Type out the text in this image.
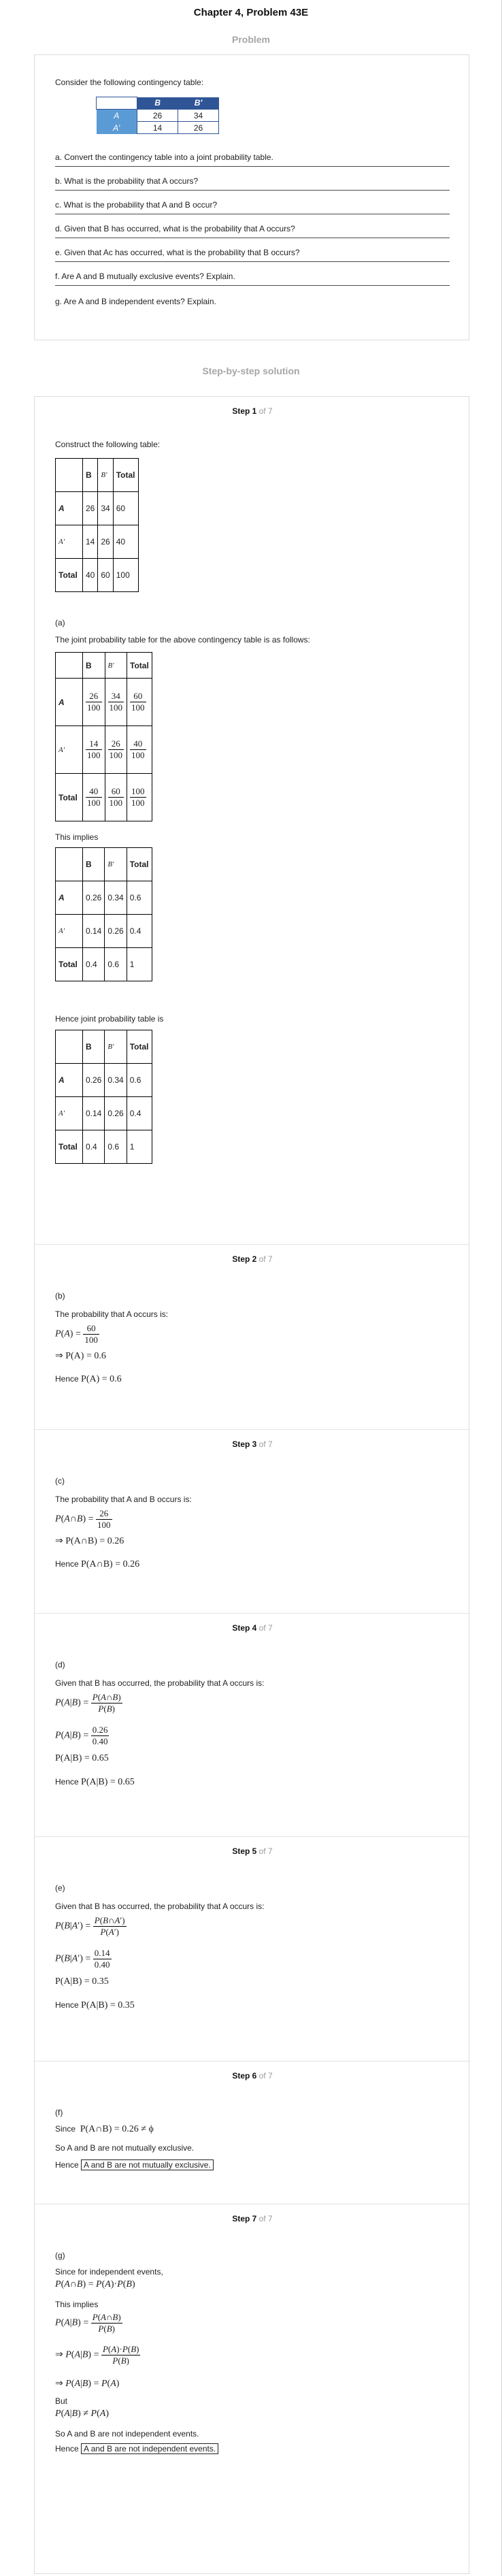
Chapter 4, Problem 43E
Problem
Consider the following contingency table:
	B	B′
A	26	34
A′	14	26
a. Convert the contingency table into a joint probability table.
b. What is the probability that A occurs?
c. What is the probability that A and B occur?
d. Given that B has occurred, what is the probability that A occurs?
e. Given that Ac has occurred, what is the probability that B occurs?
f. Are A and B mutually exclusive events? Explain.
g. Are A and B independent events? Explain.
Step-by-step solution
Step 1 of 7
Construct the following table:
	B	B′	Total
A	26	34	60
A′	14	26	40
Total	40	60	100
(a)
The joint probability table for the above contingency table is as follows:
	B	B′	Total
A	$\frac{26}{100}$	$\frac{34}{100}$	$\frac{60}{100}$

A′	$\frac{14}{100}$	$\frac{26}{100}$	$\frac{40}{100}$

Total	$\frac{40}{100}$	$\frac{60}{100}$	$\frac{100}{100}$
This implies
	B	B′	Total
A	0.26	0.34	0.6
A′	0.14	0.26	0.4
Total	0.4	0.6	1
Hence joint probability table is
	B	B′	Total
A	0.26	0.34	0.6
A′	0.14	0.26	0.4
Total	0.4	0.6	1
Step 2 of 7
(b)
The probability that A occurs is:
$P(A) = \frac{60}{100}$
⇒ P(A) = 0.6
Hence P(A) = 0.6
Step 3 of 7
(c)
The probability that A and B occurs is:
P(A∩B) = $\frac{26}{100}$
⇒ P(A∩B) = 0.26
Hence P(A∩B) = 0.26
Step 4 of 7
(d)
Given that B has occurred, the probability that A occurs is:
$P(A|B) = \frac{P(A\cap B)}{P(B)}$
$P(A|B) = \frac{0.26}{0.40}$
P(A|B) = 0.65
Hence P(A|B) = 0.65
Step 5 of 7
(e)
Given that B has occurred, the probability that A occurs is:
$P(B|A') = \frac{P(B\cap A')}{P(A')}$
$P(B|A') = \frac{0.14}{0.40}$
P(A|B) = 0.35
Hence P(A|B) = 0.35
Step 6 of 7
(f)
Since P(A∩B) = 0.26 ≠ ϕ
So A and B are not mutually exclusive.
Hence A and B are not mutually exclusive.
Step 7 of 7
(g)
Since for independent events,
P(A∩B) = P(A)·P(B)
This implies
$P(A|B) = \frac{P(A\cap B)}{P(B)}$
⇒ $P(A|B) = \frac{P(A)\cdot P(B)}{P(B)}$
⇒ P(A|B) = P(A)
But
P(A|B) ≠ P(A)
So A and B are not independent events.
Hence A and B are not independent events.
